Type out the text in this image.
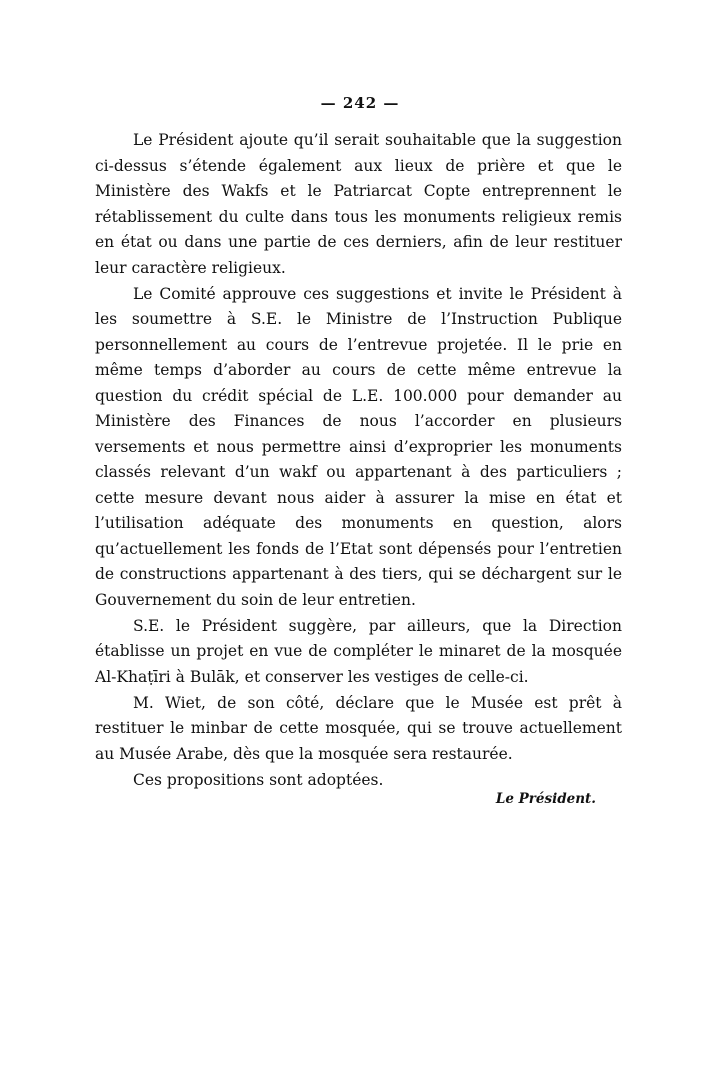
— 242 —

Le Président ajoute qu’il serait souhaitable que la suggestion ci-dessus s’étende également aux lieux de prière et que le Ministère des Wakfs et le Patriarcat Copte entreprennent le rétablissement du culte dans tous les monuments religieux remis en état ou dans une partie de ces derniers, afin de leur restituer leur caractère religieux.

Le Comité approuve ces suggestions et invite le Président à les soumettre à S.E. le Ministre de l’Instruction Publique personnellement au cours de l’entrevue projetée. Il le prie en même temps d’aborder au cours de cette même entrevue la question du crédit spécial de L.E. 100.000 pour demander au Ministère des Finances de nous l’accorder en plusieurs versements et nous permettre ainsi d’exproprier les monuments classés relevant d’un wakf ou appartenant à des particuliers ; cette mesure devant nous aider à assurer la mise en état et l’utilisation adéquate des monuments en question, alors qu’actuellement les fonds de l’Etat sont dépensés pour l’entretien de constructions appartenant à des tiers, qui se déchargent sur le Gouvernement du soin de leur entretien.

S.E. le Président suggère, par ailleurs, que la Direction établisse un projet en vue de compléter le minaret de la mosquée Al-Khaṭīri à Bulāk, et conserver les vestiges de celle-ci.

M. Wiet, de son côté, déclare que le Musée est prêt à restituer le minbar de cette mosquée, qui se trouve actuellement au Musée Arabe, dès que la mosquée sera restaurée.

Ces propositions sont adoptées.

Le Président.
